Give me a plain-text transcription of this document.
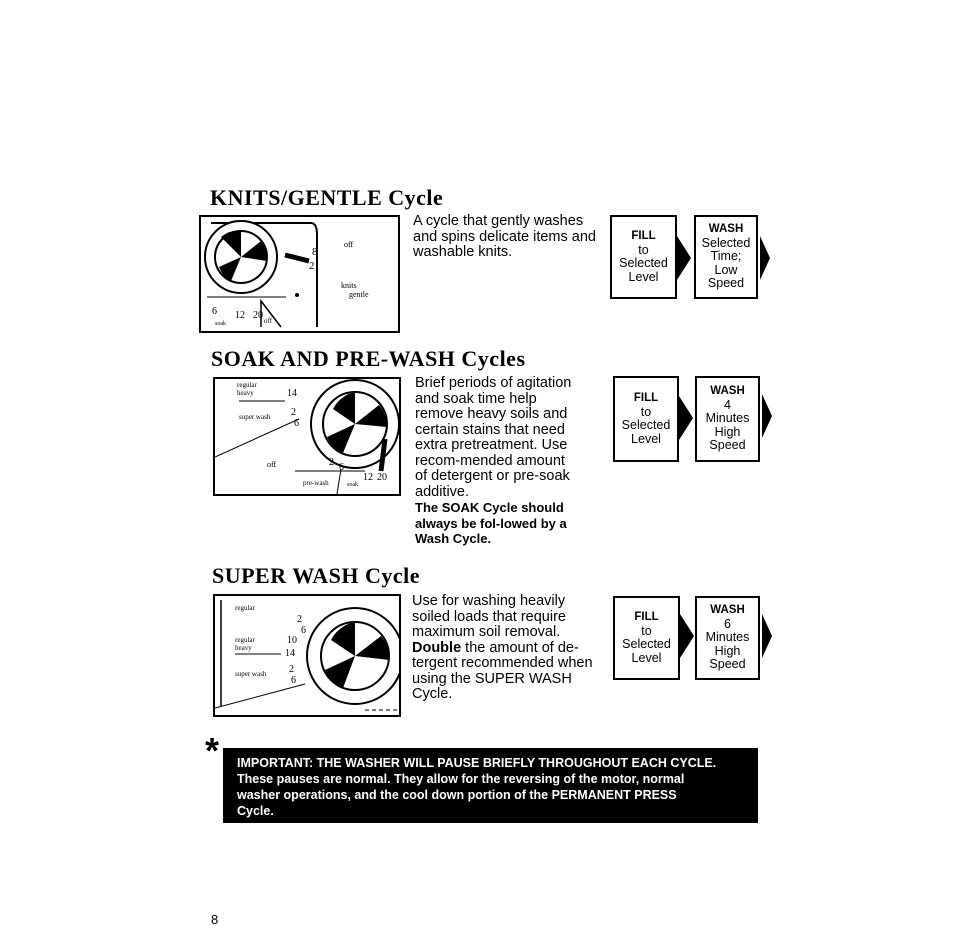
KNITS/GENTLE Cycle
8
2
off
knits
gentle
6
soak
12 20 off

A cycle that gently washes and spins delicate items and washable knits.

FILL
to
Selected
Level
WASH
Selected
Time;
Low
Speed
SOAK AND PRE-WASH Cycles
regular
heavy	14
super wash 2
6
off	2 6
pre-wash	soak
12 20

Brief periods of agitation and soak time help remove heavy soils and certain stains that need extra pretreatment. Use recom-mended amount of detergent or pre-soak additive.

The SOAK Cycle should always be fol-lowed by a Wash Cycle.

FILL
to
Selected
Level
WASH
4
Minutes
High
Speed
SUPER WASH Cycle
regular
2
6
regular
heavy
10
14
super wash 2
6

Use for washing heavily soiled loads that require maximum soil removal. Double the amount of de-tergent recommended when using the SUPER WASH Cycle.

FILL
to
Selected
Level
WASH
6
Minutes
High
Speed
* IMPORTANT: THE WASHER WILL PAUSE BRIEFLY THROUGHOUT EACH CYCLE.

These pauses are normal. They allow for the reversing of the motor, normal

washer operations, and the cool down portion of the PERMANENT PRESS

Cycle.

8
